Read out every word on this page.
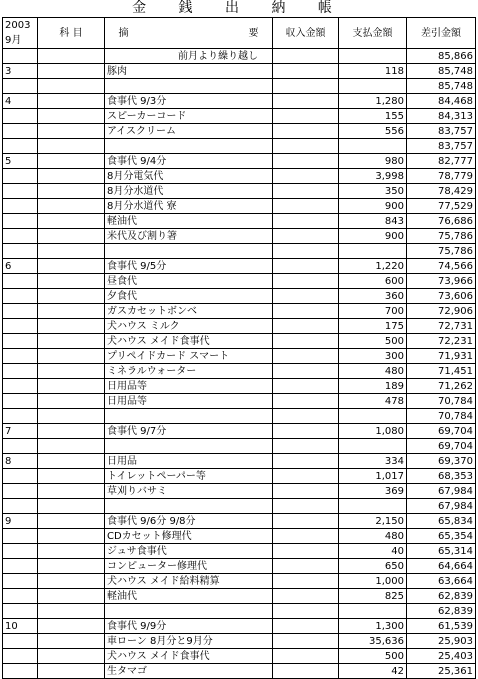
金 銭 出 納 帳
2003	科 目	摘 要	収入金額	支払金額	差引金額
9月					
		前月より繰り越し			85,866
3		豚肉		118	85,748
					85,748
4		食事代 9/3分		1,280	84,468
		スピーカーコード		155	84,313
		アイスクリーム		556	83,757
					83,757
5		食事代 9/4分		980	82,777
		8月分電気代		3,998	78,779
		8月分水道代		350	78,429
		8月分水道代 寮		900	77,529
		軽油代		843	76,686
		米代及び割り箸		900	75,786
					75,786
6		食事代 9/5分		1,220	74,566
		昼食代		600	73,966
		夕食代		360	73,606
		ガスカセットボンベ		700	72,906
		犬ハウス ミルク		175	72,731
		犬ハウス メイド食事代		500	72,231
		プリペイドカード スマート		300	71,931
		ミネラルウォーター		480	71,451
		日用品等		189	71,262
		日用品等		478	70,784
					70,784
7		食事代 9/7分		1,080	69,704
					69,704
8		日用品		334	69,370
		トイレットペーパー等		1,017	68,353
		草刈りバサミ		369	67,984
					67,984
9		食事代 9/6分 9/8分		2,150	65,834
		CDカセット修理代		480	65,354
		ジュサ食事代		40	65,314
		コンピューター修理代		650	64,664
		犬ハウス メイド給料精算		1,000	63,664
		軽油代		825	62,839
					62,839
10		食事代 9/9分		1,300	61,539
		車ローン 8月分と9月分		35,636	25,903
		犬ハウス メイド食事代		500	25,403
		生タマゴ		42	25,361
